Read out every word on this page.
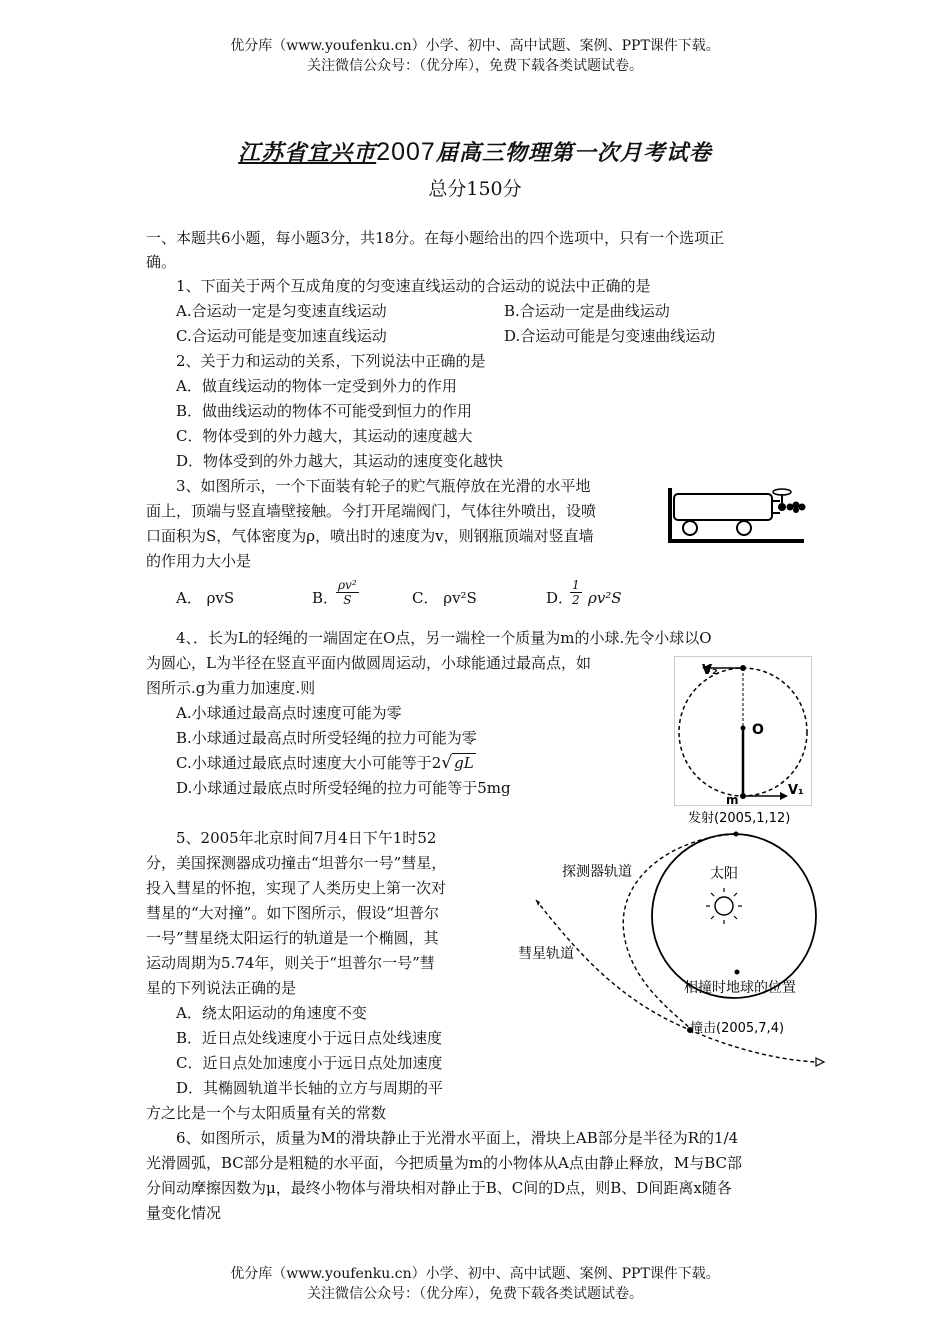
优分库（www.youfenku.cn）小学、初中、高中试题、案例、PPT课件下载。
关注微信公众号：（优分库），免费下载各类试题试卷。
江苏省宜兴市2007届高三物理第一次月考试卷
总分150分
一、本题共6小题，每小题3分，共18分。在每小题给出的四个选项中，只有一个选项正
确。
1、下面关于两个互成角度的匀变速直线运动的合运动的说法中正确的是
A.合运动一定是匀变速直线运动	B.合运动一定是曲线运动
C.合运动可能是变加速直线运动	D.合运动可能是匀变速曲线运动
2、关于力和运动的关系，下列说法中正确的是
A．做直线运动的物体一定受到外力的作用
B．做曲线运动的物体不可能受到恒力的作用
C．物体受到的外力越大，其运动的速度越大
D．物体受到的外力越大，其运动的速度变化越快
3、如图所示，一个下面装有轮子的贮气瓶停放在光滑的水平地
面上，顶端与竖直墙壁接触。今打开尾端阀门，气体往外喷出，设喷
口面积为S，气体密度为ρ，喷出时的速度为v，则钢瓶顶端对竖直墙
的作用力大小是
A． ρvS	B．
$\frac{\text{ρv²}}{S}$	C． ρv²S	D．
$\frac{1}{2} \rho v^2S$
4、．长为L的轻绳的一端固定在O点，另一端栓一个质量为m的小球.先令小球以O
为圆心，L为半径在竖直平面内做圆周运动，小球能通过最高点，如
图所示.g为重力加速度.则
A.小球通过最高点时速度可能为零
B.小球通过最高点时所受轻绳的拉力可能为零
C.小球通过最底点时速度大小可能等于2√ gL
D.小球通过最底点时所受轻绳的拉力可能等于5mg
V₂
O
m
V₁
5、2005年北京时间7月4日下午1时52
分，美国探测器成功撞击“坦普尔一号”彗星，
投入彗星的怀抱，实现了人类历史上第一次对
彗星的“大对撞”。如下图所示，假设“坦普尔
一号”彗星绕太阳运行的轨道是一个椭圆，其
运动周期为5.74年，则关于“坦普尔一号”彗
星的下列说法正确的是
A．绕太阳运动的角速度不变
B．近日点处线速度小于远日点处线速度
C．近日点处加速度小于远日点处加速度
D．其椭圆轨道半长轴的立方与周期的平
方之比是一个与太阳质量有关的常数
发射(2005,1,12)
探测器轨道	太阳
彗星轨道
相撞时地球的位置
撞击(2005,7,4)
6、如图所示，质量为M的滑块静止于光滑水平面上，滑块上AB部分是半径为R的1/4
光滑圆弧，BC部分是粗糙的水平面，今把质量为m的小物体从A点由静止释放，M与BC部
分间动摩擦因数为μ，最终小物体与滑块相对静止于B、C间的D点，则B、D间距离x随各
量变化情况
优分库（www.youfenku.cn）小学、初中、高中试题、案例、PPT课件下载。
关注微信公众号：（优分库），免费下载各类试题试卷。
